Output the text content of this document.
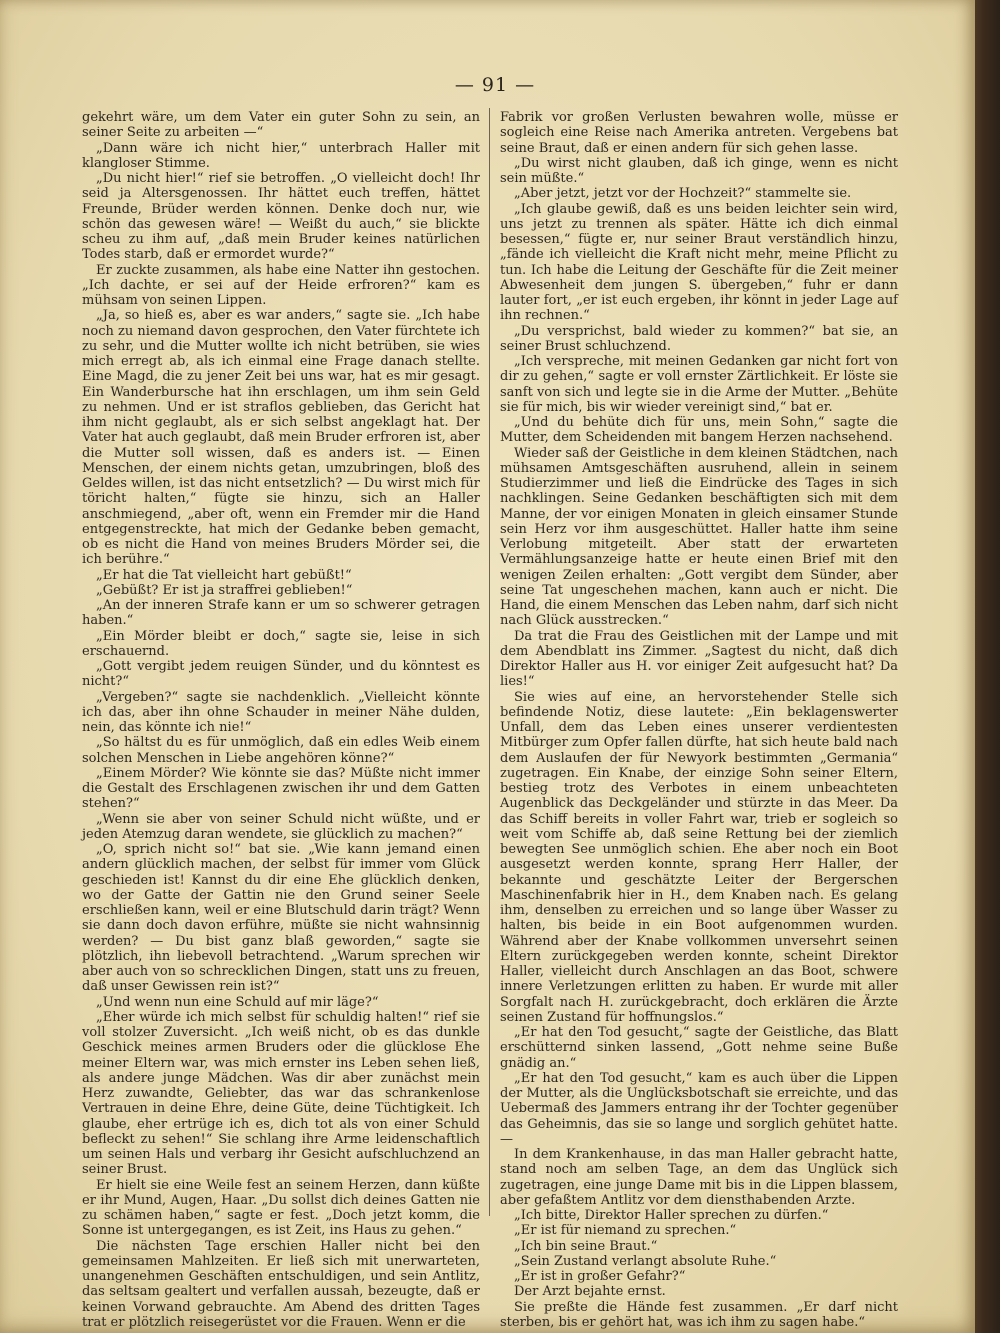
— 91 —

gekehrt wäre, um dem Vater ein guter Sohn zu sein, an seiner Seite zu arbeiten —“

„Dann wäre ich nicht hier,“ unterbrach Haller mit klangloser Stimme.

„Du nicht hier!“ rief sie betroffen. „O vielleicht doch! Ihr seid ja Altersgenossen. Ihr hättet euch treffen, hättet Freunde, Brüder werden können. Denke doch nur, wie schön das gewesen wäre! — Weißt du auch,“ sie blickte scheu zu ihm auf, „daß mein Bruder keines natürlichen Todes starb, daß er ermordet wurde?“

Er zuckte zusammen, als habe eine Natter ihn gestochen. „Ich dachte, er sei auf der Heide erfroren?“ kam es mühsam von seinen Lippen.

„Ja, so hieß es, aber es war anders,“ sagte sie. „Ich habe noch zu niemand davon gesprochen, den Vater fürchtete ich zu sehr, und die Mutter wollte ich nicht betrüben, sie wies mich erregt ab, als ich einmal eine Frage danach stellte. Eine Magd, die zu jener Zeit bei uns war, hat es mir gesagt. Ein Wanderbursche hat ihn erschlagen, um ihm sein Geld zu nehmen. Und er ist straflos geblieben, das Gericht hat ihm nicht geglaubt, als er sich selbst angeklagt hat. Der Vater hat auch geglaubt, daß mein Bruder erfroren ist, aber die Mutter soll wissen, daß es anders ist. — Einen Menschen, der einem nichts getan, umzubringen, bloß des Geldes willen, ist das nicht entsetzlich? — Du wirst mich für töricht halten,“ fügte sie hinzu, sich an Haller anschmiegend, „aber oft, wenn ein Fremder mir die Hand entgegenstreckte, hat mich der Gedanke beben gemacht, ob es nicht die Hand von meines Bruders Mörder sei, die ich berühre.“

„Er hat die Tat vielleicht hart gebüßt!“

„Gebüßt? Er ist ja straffrei geblieben!“

„An der inneren Strafe kann er um so schwerer getragen haben.“

„Ein Mörder bleibt er doch,“ sagte sie, leise in sich erschauernd.

„Gott vergibt jedem reuigen Sünder, und du könntest es nicht?“

„Vergeben?“ sagte sie nachdenklich. „Vielleicht könnte ich das, aber ihn ohne Schauder in meiner Nähe dulden, nein, das könnte ich nie!“

„So hältst du es für unmöglich, daß ein edles Weib einem solchen Menschen in Liebe angehören könne?“

„Einem Mörder? Wie könnte sie das? Müßte nicht immer die Gestalt des Erschlagenen zwischen ihr und dem Gatten stehen?“

„Wenn sie aber von seiner Schuld nicht wüßte, und er jeden Atemzug daran wendete, sie glücklich zu machen?“

„O, sprich nicht so!“ bat sie. „Wie kann jemand einen andern glücklich machen, der selbst für immer vom Glück geschieden ist! Kannst du dir eine Ehe glücklich denken, wo der Gatte der Gattin nie den Grund seiner Seele erschließen kann, weil er eine Blutschuld darin trägt? Wenn sie dann doch davon erführe, müßte sie nicht wahnsinnig werden? — Du bist ganz blaß geworden,“ sagte sie plötzlich, ihn liebevoll betrachtend. „Warum sprechen wir aber auch von so schrecklichen Dingen, statt uns zu freuen, daß unser Gewissen rein ist?“

„Und wenn nun eine Schuld auf mir läge?“

„Eher würde ich mich selbst für schuldig halten!“ rief sie voll stolzer Zuversicht. „Ich weiß nicht, ob es das dunkle Geschick meines armen Bruders oder die glücklose Ehe meiner Eltern war, was mich ernster ins Leben sehen ließ, als andere junge Mädchen. Was dir aber zunächst mein Herz zuwandte, Geliebter, das war das schrankenlose Vertrauen in deine Ehre, deine Güte, deine Tüchtigkeit. Ich glaube, eher ertrüge ich es, dich tot als von einer Schuld befleckt zu sehen!“ Sie schlang ihre Arme leidenschaftlich um seinen Hals und verbarg ihr Gesicht aufschluchzend an seiner Brust.

Er hielt sie eine Weile fest an seinem Herzen, dann küßte er ihr Mund, Augen, Haar. „Du sollst dich deines Gatten nie zu schämen haben,“ sagte er fest. „Doch jetzt komm, die Sonne ist untergegangen, es ist Zeit, ins Haus zu gehen.“

Die nächsten Tage erschien Haller nicht bei den gemeinsamen Mahlzeiten. Er ließ sich mit unerwarteten, unangenehmen Geschäften entschuldigen, und sein Antlitz, das seltsam gealtert und verfallen aussah, bezeugte, daß er keinen Vorwand gebrauchte. Am Abend des dritten Tages trat er plötzlich reisegerüstet vor die Frauen. Wenn er die

Fabrik vor großen Verlusten bewahren wolle, müsse er sogleich eine Reise nach Amerika antreten. Vergebens bat seine Braut, daß er einen andern für sich gehen lasse.

„Du wirst nicht glauben, daß ich ginge, wenn es nicht sein müßte.“

„Aber jetzt, jetzt vor der Hochzeit?“ stammelte sie.

„Ich glaube gewiß, daß es uns beiden leichter sein wird, uns jetzt zu trennen als später. Hätte ich dich einmal besessen,“ fügte er, nur seiner Braut verständlich hinzu, „fände ich vielleicht die Kraft nicht mehr, meine Pflicht zu tun. Ich habe die Leitung der Geschäfte für die Zeit meiner Abwesenheit dem jungen S. übergeben,“ fuhr er dann lauter fort, „er ist euch ergeben, ihr könnt in jeder Lage auf ihn rechnen.“

„Du versprichst, bald wieder zu kommen?“ bat sie, an seiner Brust schluchzend.

„Ich verspreche, mit meinen Gedanken gar nicht fort von dir zu gehen,“ sagte er voll ernster Zärtlichkeit. Er löste sie sanft von sich und legte sie in die Arme der Mutter. „Behüte sie für mich, bis wir wieder vereinigt sind,“ bat er.

„Und du behüte dich für uns, mein Sohn,“ sagte die Mutter, dem Scheidenden mit bangem Herzen nachsehend.

Wieder saß der Geistliche in dem kleinen Städtchen, nach mühsamen Amtsgeschäften ausruhend, allein in seinem Studierzimmer und ließ die Eindrücke des Tages in sich nachklingen. Seine Gedanken beschäftigten sich mit dem Manne, der vor einigen Monaten in gleich einsamer Stunde sein Herz vor ihm ausgeschüttet. Haller hatte ihm seine Verlobung mitgeteilt. Aber statt der erwarteten Vermählungsanzeige hatte er heute einen Brief mit den wenigen Zeilen erhalten: „Gott vergibt dem Sünder, aber seine Tat ungeschehen machen, kann auch er nicht. Die Hand, die einem Menschen das Leben nahm, darf sich nicht nach Glück ausstrecken.“

Da trat die Frau des Geistlichen mit der Lampe und mit dem Abendblatt ins Zimmer. „Sagtest du nicht, daß dich Direktor Haller aus H. vor einiger Zeit aufgesucht hat? Da lies!“

Sie wies auf eine, an hervorstehender Stelle sich befindende Notiz, diese lautete: „Ein beklagenswerter Unfall, dem das Leben eines unserer verdientesten Mitbürger zum Opfer fallen dürfte, hat sich heute bald nach dem Auslaufen der für Newyork bestimmten „Germania“ zugetragen. Ein Knabe, der einzige Sohn seiner Eltern, bestieg trotz des Verbotes in einem unbeachteten Augenblick das Deckgeländer und stürzte in das Meer. Da das Schiff bereits in voller Fahrt war, trieb er sogleich so weit vom Schiffe ab, daß seine Rettung bei der ziemlich bewegten See unmöglich schien. Ehe aber noch ein Boot ausgesetzt werden konnte, sprang Herr Haller, der bekannte und geschätzte Leiter der Bergerschen Maschinenfabrik hier in H., dem Knaben nach. Es gelang ihm, denselben zu erreichen und so lange über Wasser zu halten, bis beide in ein Boot aufgenommen wurden. Während aber der Knabe vollkommen unversehrt seinen Eltern zurückgegeben werden konnte, scheint Direktor Haller, vielleicht durch Anschlagen an das Boot, schwere innere Verletzungen erlitten zu haben. Er wurde mit aller Sorgfalt nach H. zurückgebracht, doch erklären die Ärzte seinen Zustand für hoffnungslos.“

„Er hat den Tod gesucht,“ sagte der Geistliche, das Blatt erschütternd sinken lassend, „Gott nehme seine Buße gnädig an.“

„Er hat den Tod gesucht,“ kam es auch über die Lippen der Mutter, als die Unglücksbotschaft sie erreichte, und das Uebermaß des Jammers entrang ihr der Tochter gegenüber das Geheimnis, das sie so lange und sorglich gehütet hatte. —

In dem Krankenhause, in das man Haller gebracht hatte, stand noch am selben Tage, an dem das Unglück sich zugetragen, eine junge Dame mit bis in die Lippen blassem, aber gefaßtem Antlitz vor dem diensthabenden Arzte.

„Ich bitte, Direktor Haller sprechen zu dürfen.“

„Er ist für niemand zu sprechen.“

„Ich bin seine Braut.“

„Sein Zustand verlangt absolute Ruhe.“

„Er ist in großer Gefahr?“

Der Arzt bejahte ernst.

Sie preßte die Hände fest zusammen. „Er darf nicht sterben, bis er gehört hat, was ich ihm zu sagen habe.“
